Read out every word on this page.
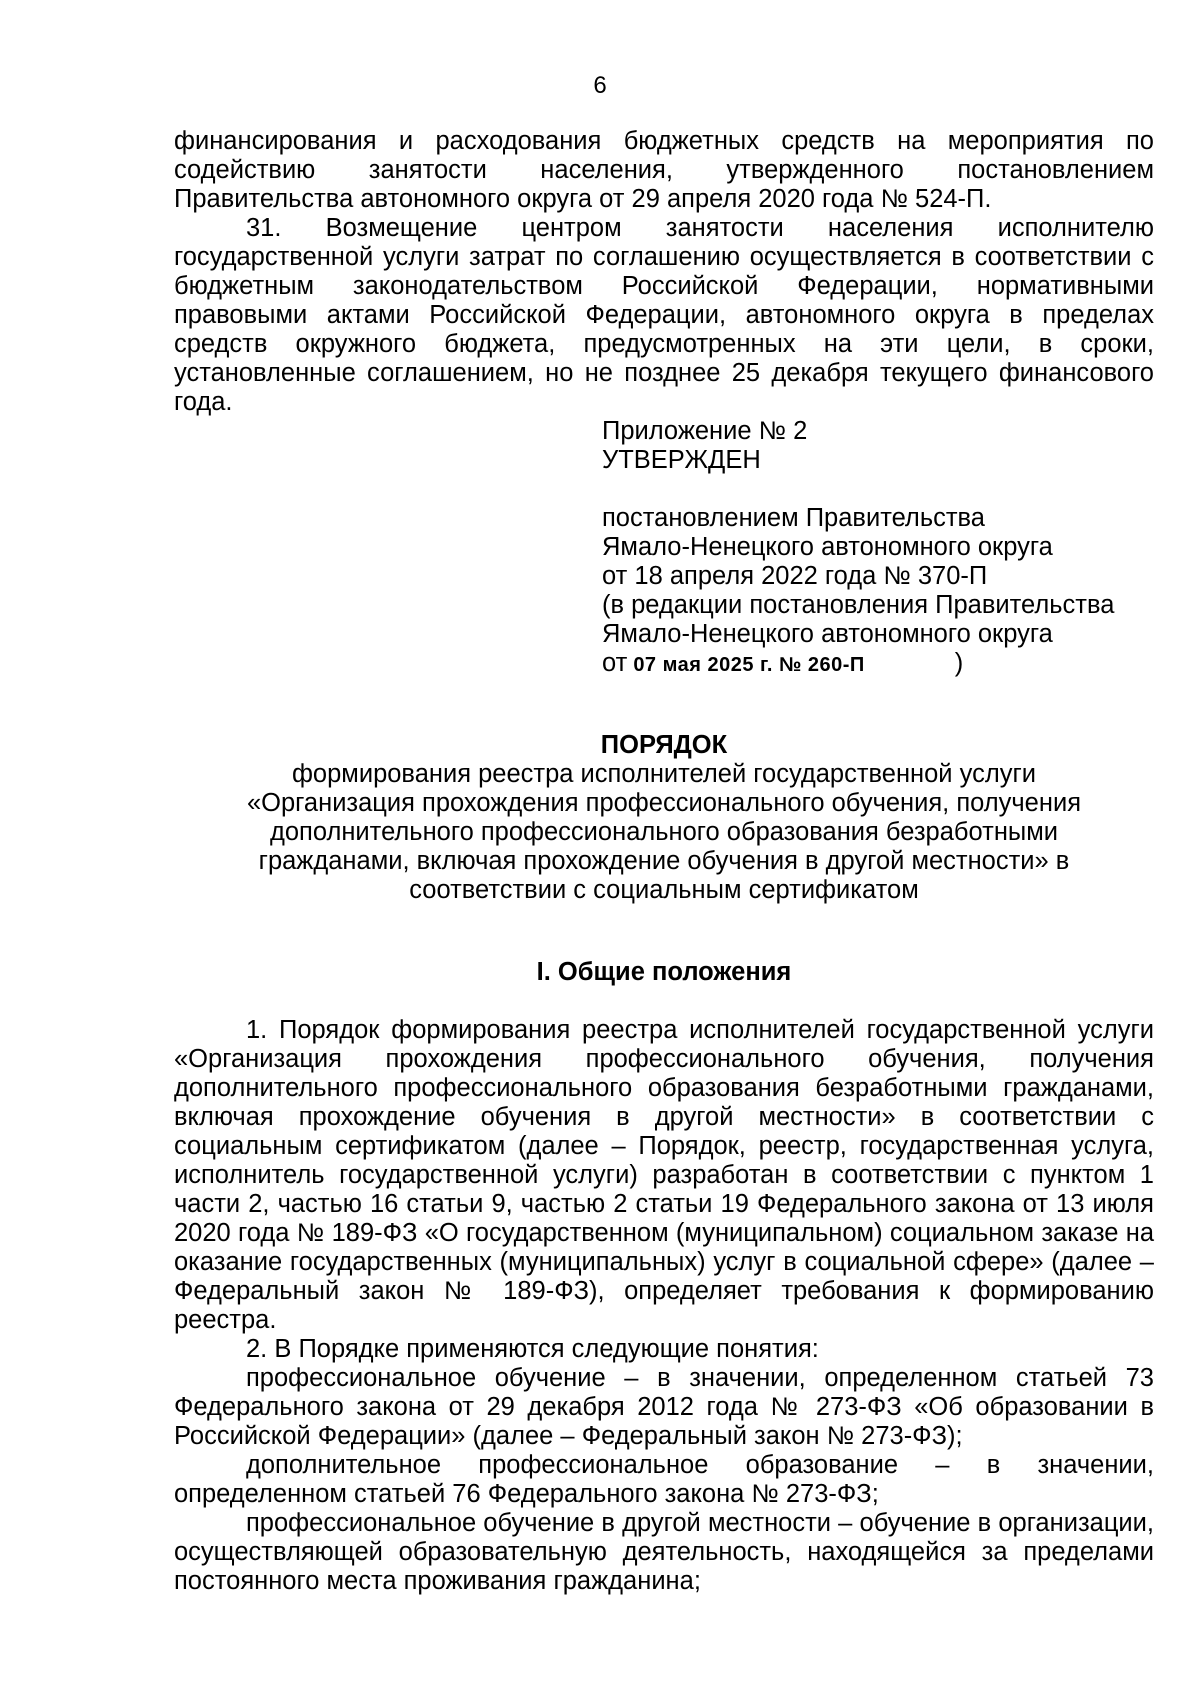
6

финансирования и расходования бюджетных средств на мероприятия по содействию занятости населения, утвержденного постановлением Правительства автономного округа от 29 апреля 2020 года № 524-П.

31. Возмещение центром занятости населения исполнителю государственной услуги затрат по соглашению осуществляется в соответствии с бюджетным законодательством Российской Федерации, нормативными правовыми актами Российской Федерации, автономного округа в пределах средств окружного бюджета, предусмотренных на эти цели, в сроки, установленные соглашением, но не позднее 25 декабря текущего финансового года.

Приложение № 2
УТВЕРЖДЕН
постановлением Правительства
Ямало-Ненецкого автономного округа
от 18 апреля 2022 года № 370-П
(в редакции постановления Правительства
Ямало-Ненецкого автономного округа
от 07 мая 2025 г. № 260-П	)
ПОРЯДОК
формирования реестра исполнителей государственной услуги
«Организация прохождения профессионального обучения, получения
дополнительного профессионального образования безработными
гражданами, включая прохождение обучения в другой местности» в
соответствии с социальным сертификатом
I. Общие положения

1. Порядок формирования реестра исполнителей государственной услуги «Организация прохождения профессионального обучения, получения дополнительного профессионального образования безработными гражданами, включая прохождение обучения в другой местности» в соответствии с социальным сертификатом (далее – Порядок, реестр, государственная услуга, исполнитель государственной услуги) разработан в соответствии с пунктом 1 части 2, частью 16 статьи 9, частью 2 статьи 19 Федерального закона от 13 июля 2020 года № 189-ФЗ «О государственном (муниципальном) социальном заказе на оказание государственных (муниципальных) услуг в социальной сфере» (далее – Федеральный закон № 189-ФЗ), определяет требования к формированию реестра.

2. В Порядке применяются следующие понятия:

профессиональное обучение – в значении, определенном статьей 73 Федерального закона от 29 декабря 2012 года № 273-ФЗ «Об образовании в Российской Федерации» (далее – Федеральный закон № 273-ФЗ);

дополнительное профессиональное образование – в значении, определенном статьей 76 Федерального закона № 273-ФЗ;

профессиональное обучение в другой местности – обучение в организации, осуществляющей образовательную деятельность, находящейся за пределами постоянного места проживания гражданина;
